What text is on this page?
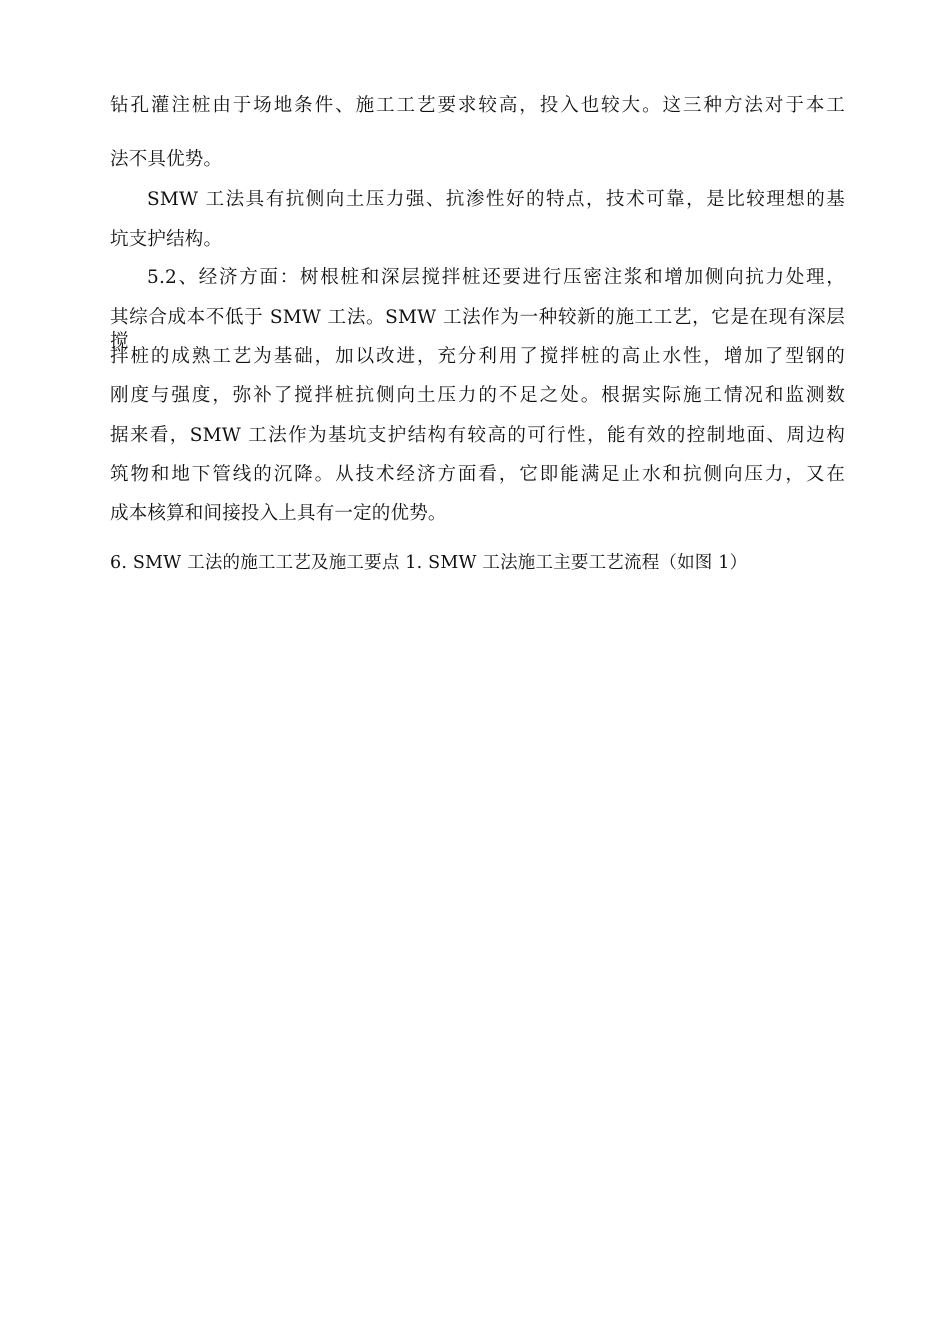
钻孔灌注桩由于场地条件、施工工艺要求较高，投入也较大。这三种方法对于本工
法不具优势。
SMW 工法具有抗侧向土压力强、抗渗性好的特点，技术可靠，是比较理想的基
坑支护结构。
5.2、经济方面：树根桩和深层搅拌桩还要进行压密注浆和增加侧向抗力处理，
其综合成本不低于 SMW 工法。SMW 工法作为一种较新的施工工艺，它是在现有深层搅
拌桩的成熟工艺为基础，加以改进，充分利用了搅拌桩的高止水性，增加了型钢的
刚度与强度，弥补了搅拌桩抗侧向土压力的不足之处。根据实际施工情况和监测数
据来看，SMW 工法作为基坑支护结构有较高的可行性，能有效的控制地面、周边构
筑物和地下管线的沉降。从技术经济方面看，它即能满足止水和抗侧向压力，又在
成本核算和间接投入上具有一定的优势。
6. SMW 工法的施工工艺及施工要点 1. SMW 工法施工主要工艺流程（如图 1）
